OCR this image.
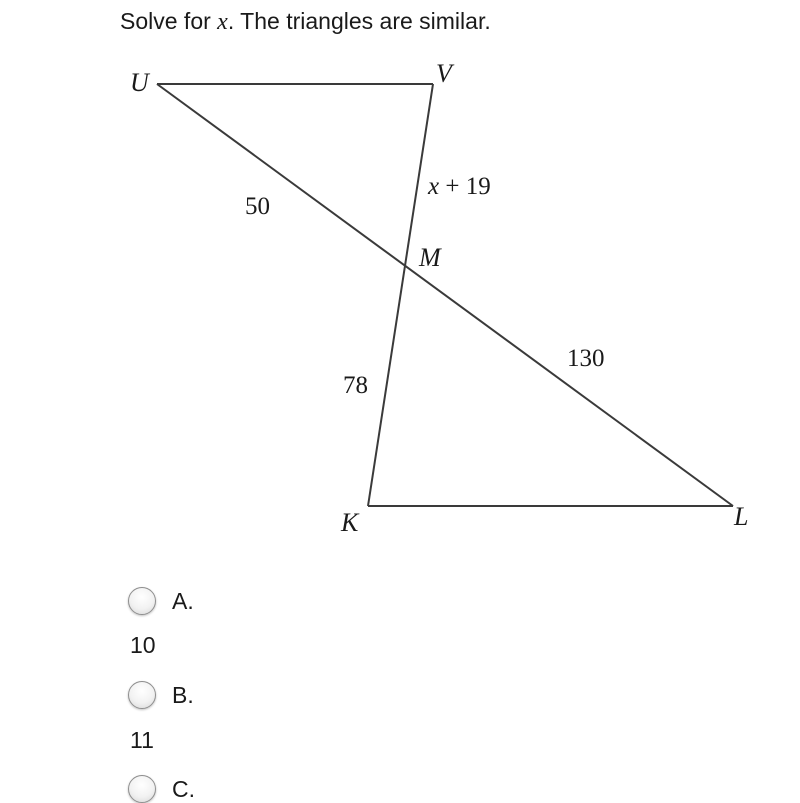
Solve for x. The triangles are similar.
U	V
M
K	L
50
x + 19
78
130
A.
10
B.
11
C.
